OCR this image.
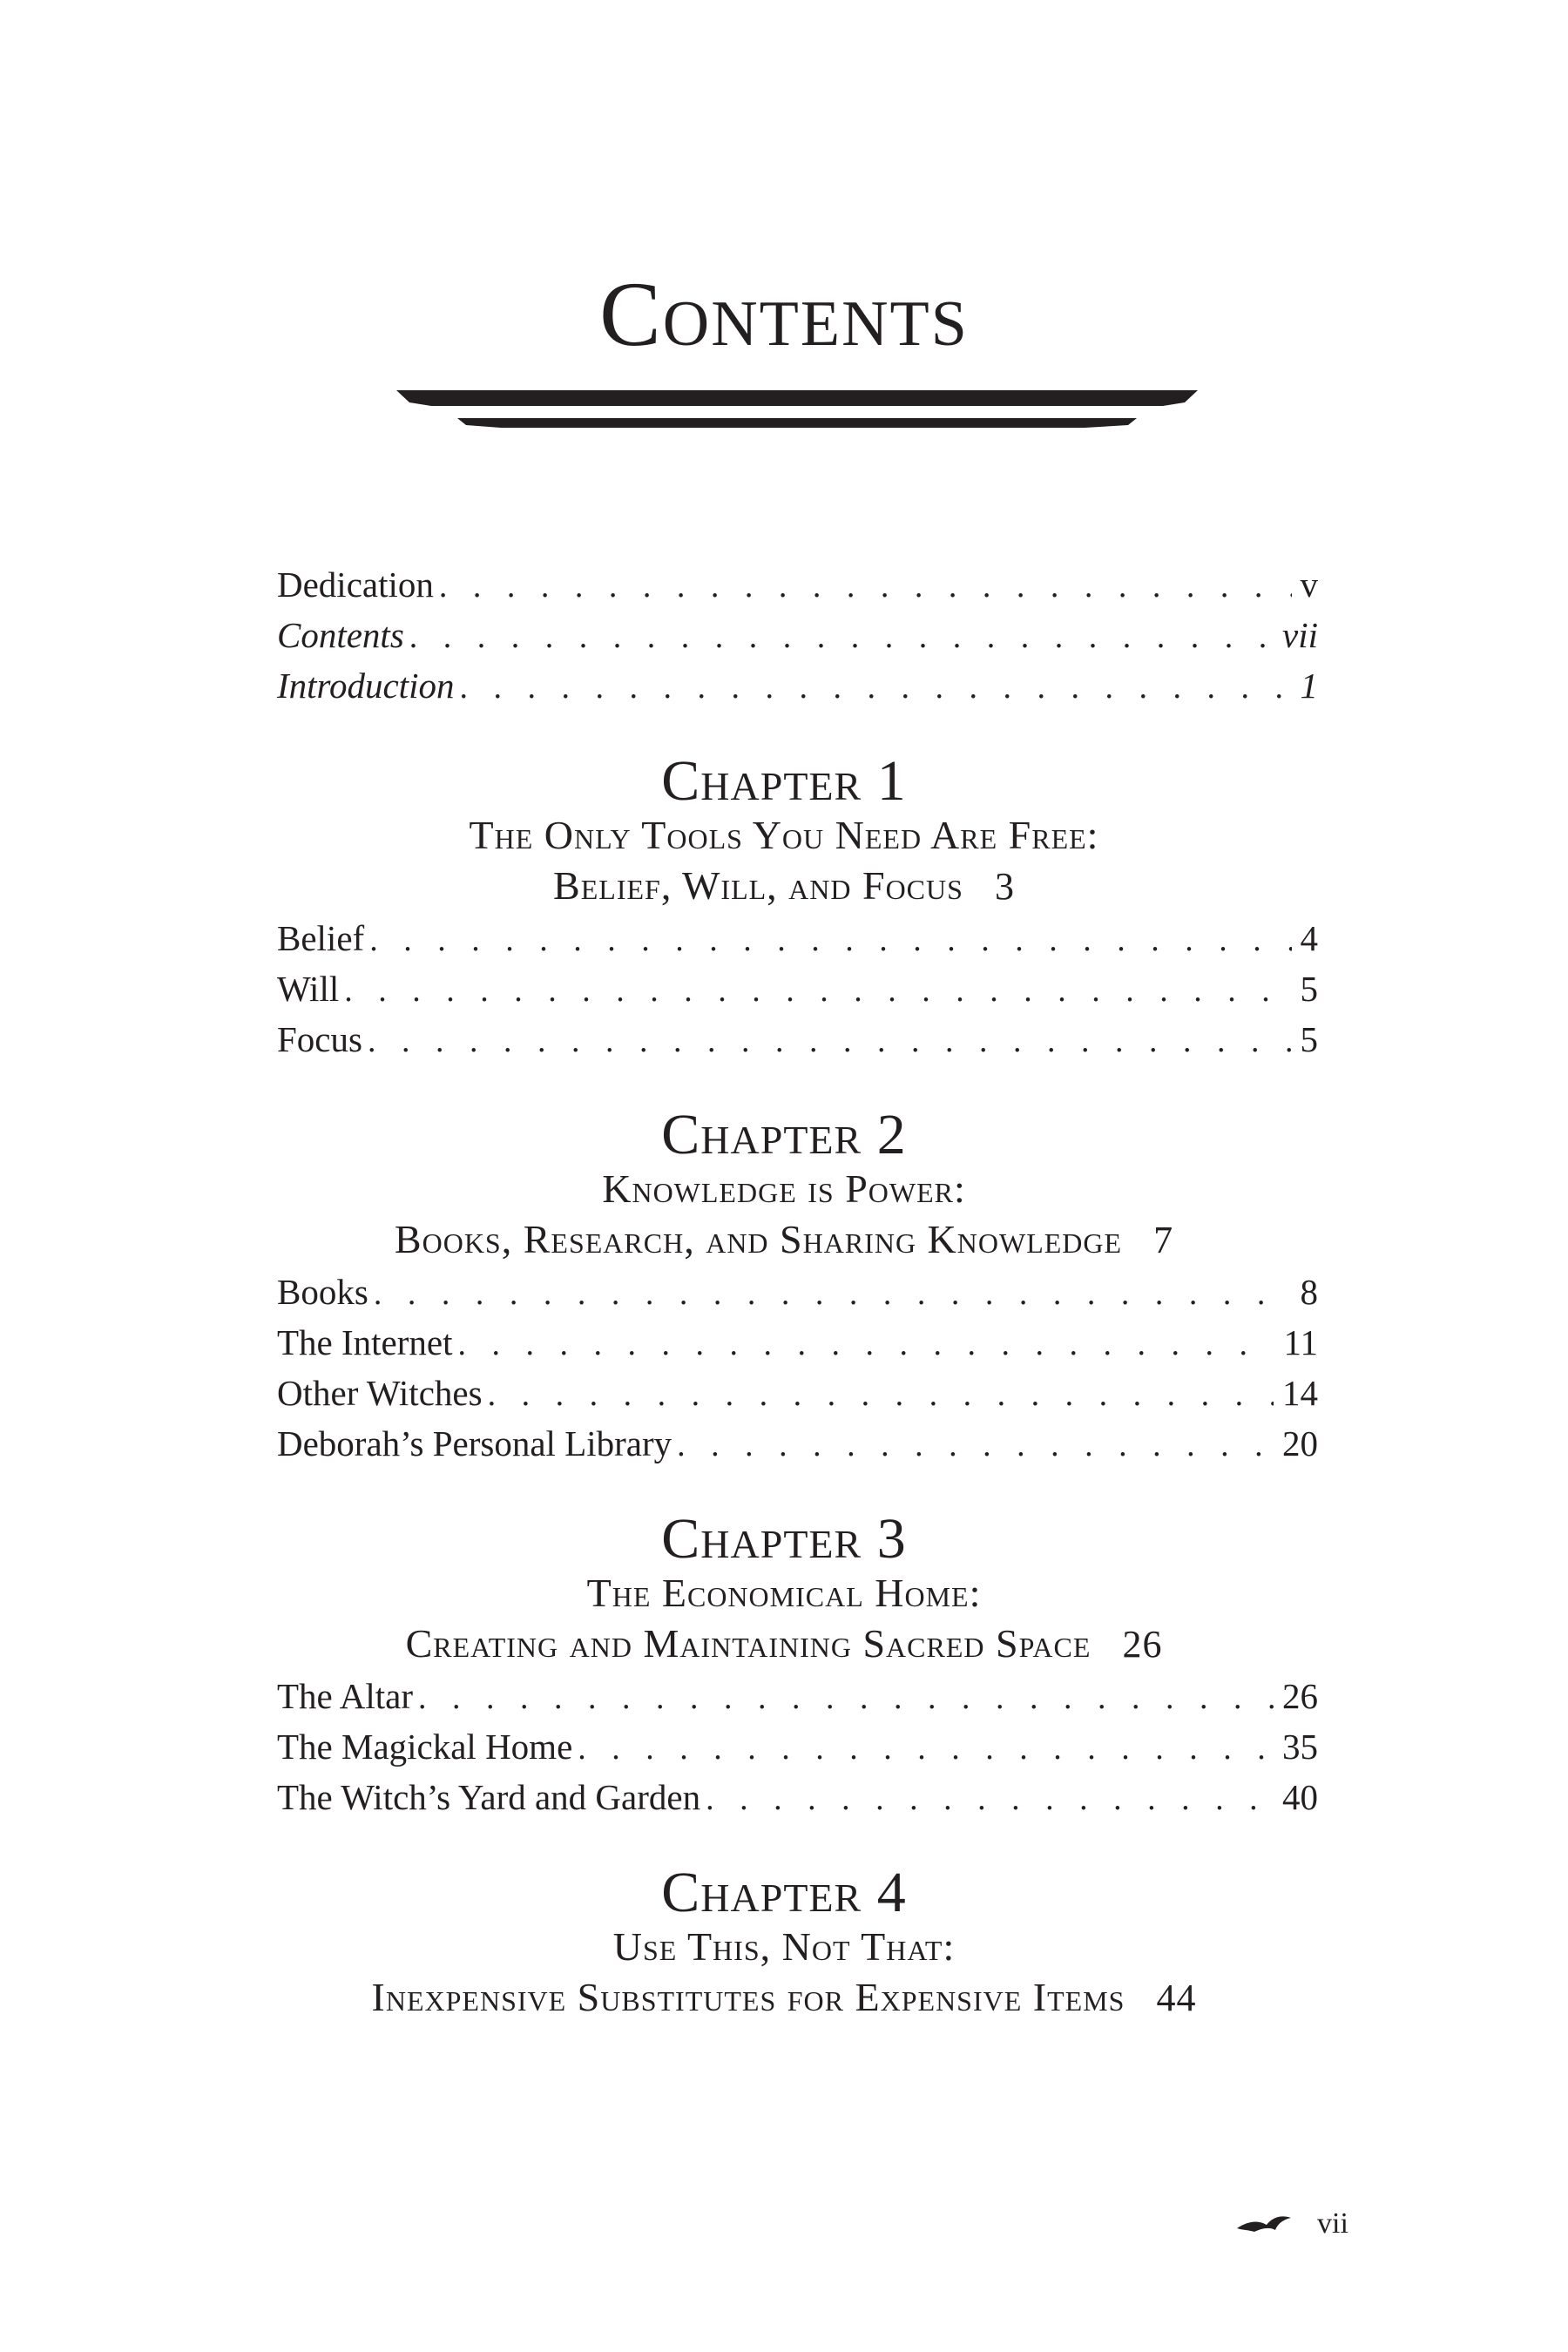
Contents
Dedication . . .	v
Contents . . .	vii
Introduction . . .	1
Chapter 1
The Only Tools You Need Are Free:
Belief, Will, and Focus 3
Belief . . .	4
Will . . .	5
Focus . . .	5
Chapter 2
Knowledge is Power:
Books, Research, and Sharing Knowledge 7
Books . . .	8
The Internet . . .	11
Other Witches . . .	14
Deborah’s Personal Library . . .	20
Chapter 3
The Economical Home:
Creating and Maintaining Sacred Space 26
The Altar . . .	26
The Magickal Home . . .	35
The Witch’s Yard and Garden . . .	40
Chapter 4
Use This, Not That:
Inexpensive Substitutes for Expensive Items 44
vii
